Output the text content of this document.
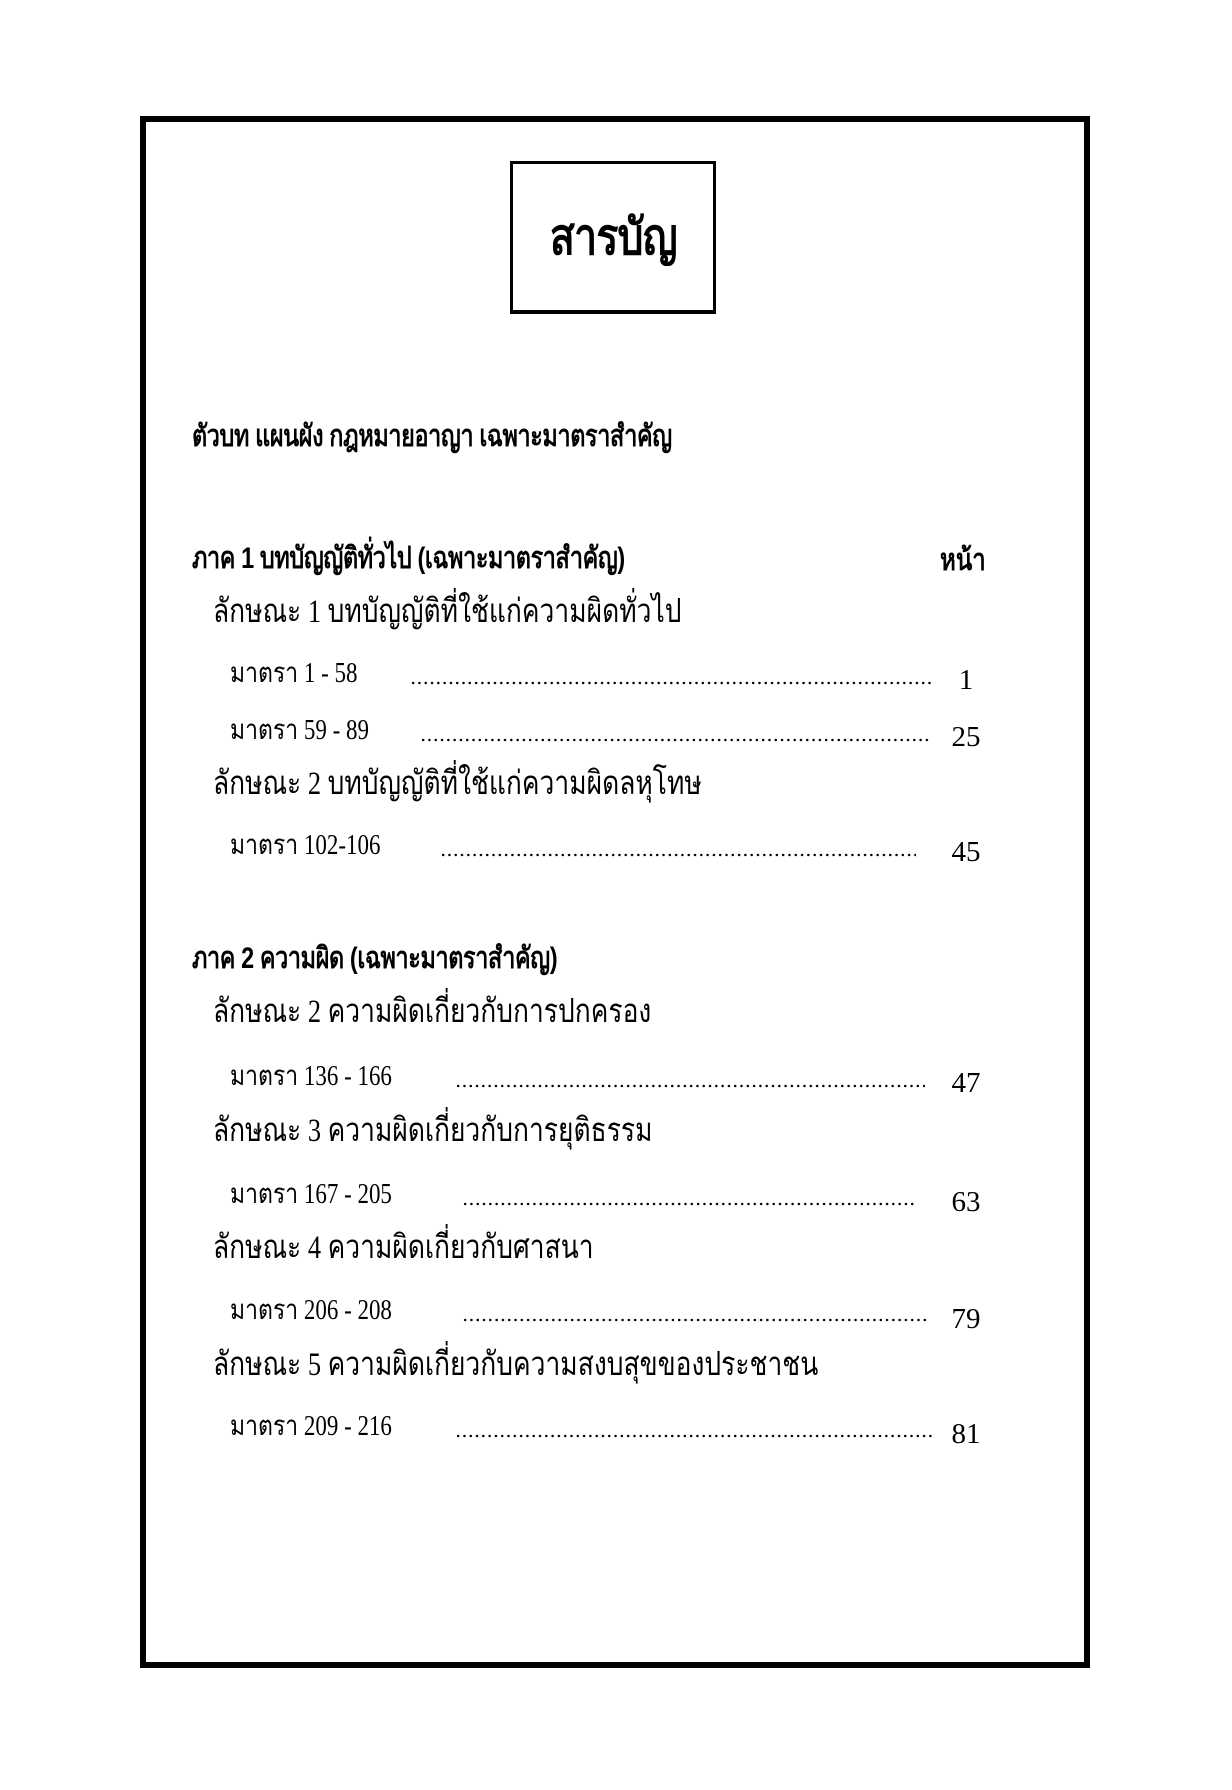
สารบัญ
ตัวบท แผนผัง กฎหมายอาญา เฉพาะมาตราสำคัญ
ภาค 1 บทบัญญัติทั่วไป (เฉพาะมาตราสำคัญ)	หน้า
ลักษณะ 1 บทบัญญัติที่ใช้แก่ความผิดทั่วไป
มาตรา 1 - 58	1
มาตรา 59 - 89	25
ลักษณะ 2 บทบัญญัติที่ใช้แก่ความผิดลหุโทษ
มาตรา 102-106	45
ภาค 2 ความผิด (เฉพาะมาตราสำคัญ)
ลักษณะ 2 ความผิดเกี่ยวกับการปกครอง
มาตรา 136 - 166	47
ลักษณะ 3 ความผิดเกี่ยวกับการยุติธรรม
มาตรา 167 - 205	63
ลักษณะ 4 ความผิดเกี่ยวกับศาสนา
มาตรา 206 - 208	79
ลักษณะ 5 ความผิดเกี่ยวกับความสงบสุขของประชาชน
มาตรา 209 - 216	81
